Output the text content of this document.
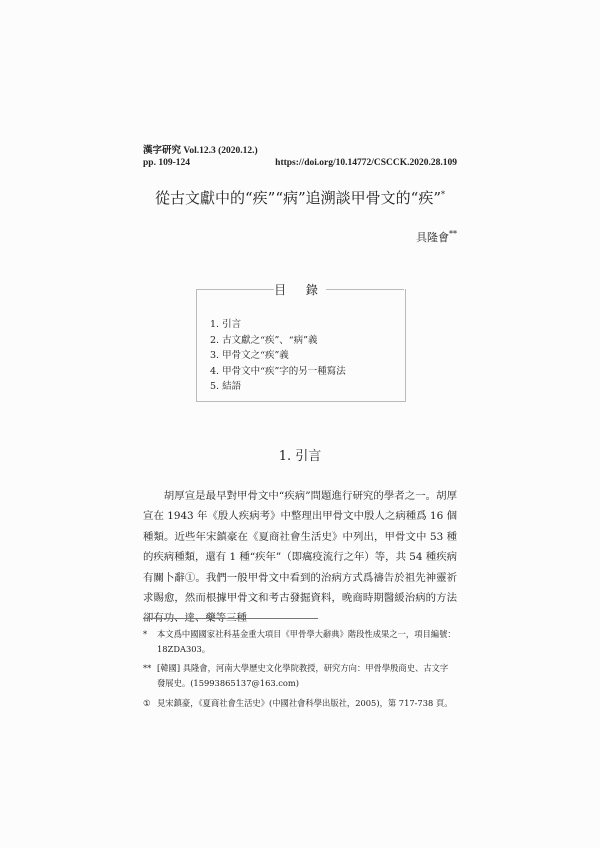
漢字研究 Vol.12.3 (2020.12.)
pp. 109-124	https://doi.org/10.14772/CSCCK.2020.28.109
從古文獻中的“疾”“病”追溯談甲骨文的“疾”*
具隆會**
目 錄
1. 引言
2. 古文獻之“疾”、“病”義
3. 甲骨文之“疾”義
4. 甲骨文中“疾”字的另一種寫法
5. 結語
1. 引言

胡厚宣是最早對甲骨文中“疾病”問題進行研究的學者之一。胡厚宣在 1943 年《殷人疾病考》中整理出甲骨文中殷人之病種爲 16 個種類。近些年宋鎮豪在《夏商社會生活史》中列出，甲骨文中 53 種的疾病種類，還有 1 種“疾年”（即癘疫流行之年）等，共 54 種疾病有關卜辭①。我們一般甲骨文中看到的治病方式爲禱告於祖先神靈祈求賜愈，然而根據甲骨文和考古發掘資料，晚商時期醫緩治病的方法卻有功、達、藥等三種

* 本文爲中國國家社科基金重大項目《甲骨學大辭典》階段性成果之一，項目編號：
18ZDA303。
** [韓國] 具隆會，河南大學歷史文化學院教授，研究方向：甲骨學殷商史、古文字
發展史。(15993865137@163.com)
① 見宋鎮豪，《夏商社會生活史》(中國社會科學出版社，2005)，第 717-738 頁。
